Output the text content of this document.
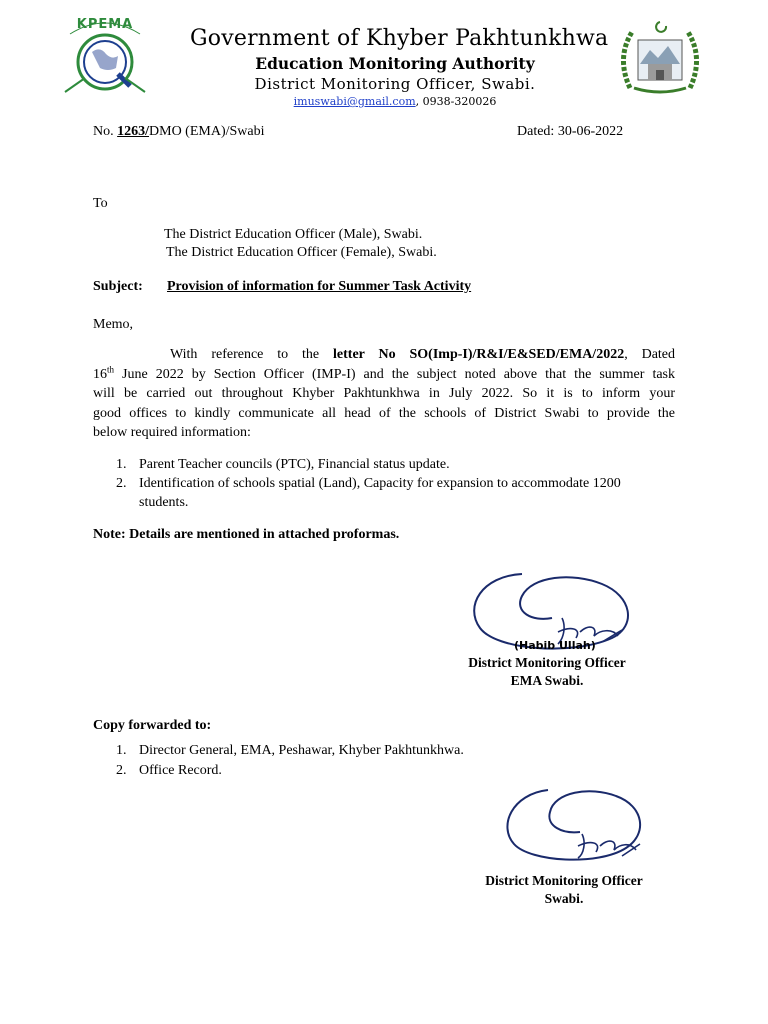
KPEMA
Government of Khyber Pakhtunkhwa
Education Monitoring Authority
District Monitoring Officer, Swabi.
imuswabi@gmail.com, 0938-320026
No. 1263/DMO (EMA)/Swabi	Dated: 30-06-2022
To
The District Education Officer (Male), Swabi.
The District Education Officer (Female), Swabi.
Subject: Provision of information for Summer Task Activity
Memo,
With reference to the letter No SO(Imp-I)/R&I/E&SED/EMA/2022, Dated
16th June 2022 by Section Officer (IMP-I) and the subject noted above that the summer task
will be carried out throughout Khyber Pakhtunkhwa in July 2022. So it is to inform your
good offices to kindly communicate all head of the schools of District Swabi to provide the
below required information:
1. Parent Teacher councils (PTC), Financial status update.
2. Identification of schools spatial (Land), Capacity for expansion to accommodate 1200
students.
Note: Details are mentioned in attached proformas.
(Habib Ullah)
District Monitoring Officer
EMA Swabi.
Copy forwarded to:
1. Director General, EMA, Peshawar, Khyber Pakhtunkhwa.
2. Office Record.
District Monitoring Officer
Swabi.
